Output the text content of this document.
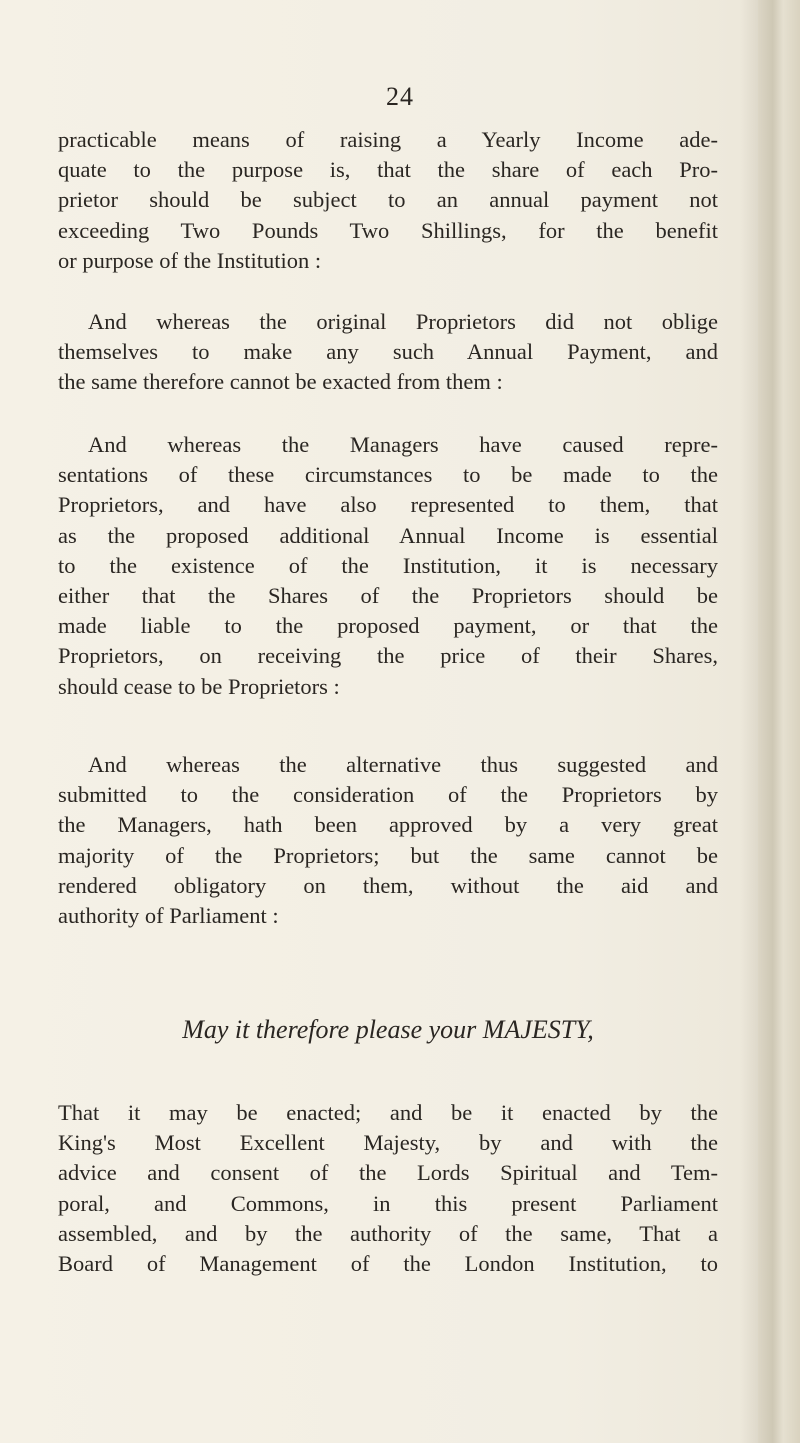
24
practicable means of raising a Yearly Income ade-
quate to the purpose is, that the share of each Pro-
prietor should be subject to an annual payment not
exceeding Two Pounds Two Shillings, for the benefit
or purpose of the Institution :
And whereas the original Proprietors did not oblige
themselves to make any such Annual Payment, and
the same therefore cannot be exacted from them :
And whereas the Managers have caused repre-
sentations of these circumstances to be made to the
Proprietors, and have also represented to them, that
as the proposed additional Annual Income is essential
to the existence of the Institution, it is necessary
either that the Shares of the Proprietors should be
made liable to the proposed payment, or that the
Proprietors, on receiving the price of their Shares,
should cease to be Proprietors :
And whereas the alternative thus suggested and
submitted to the consideration of the Proprietors by
the Managers, hath been approved by a very great
majority of the Proprietors; but the same cannot be
rendered obligatory on them, without the aid and
authority of Parliament :
May it therefore please your MAJESTY,
That it may be enacted; and be it enacted by the
King's Most Excellent Majesty, by and with the
advice and consent of the Lords Spiritual and Tem-
poral, and Commons, in this present Parliament
assembled, and by the authority of the same, That a
Board of Management of the London Institution, to
